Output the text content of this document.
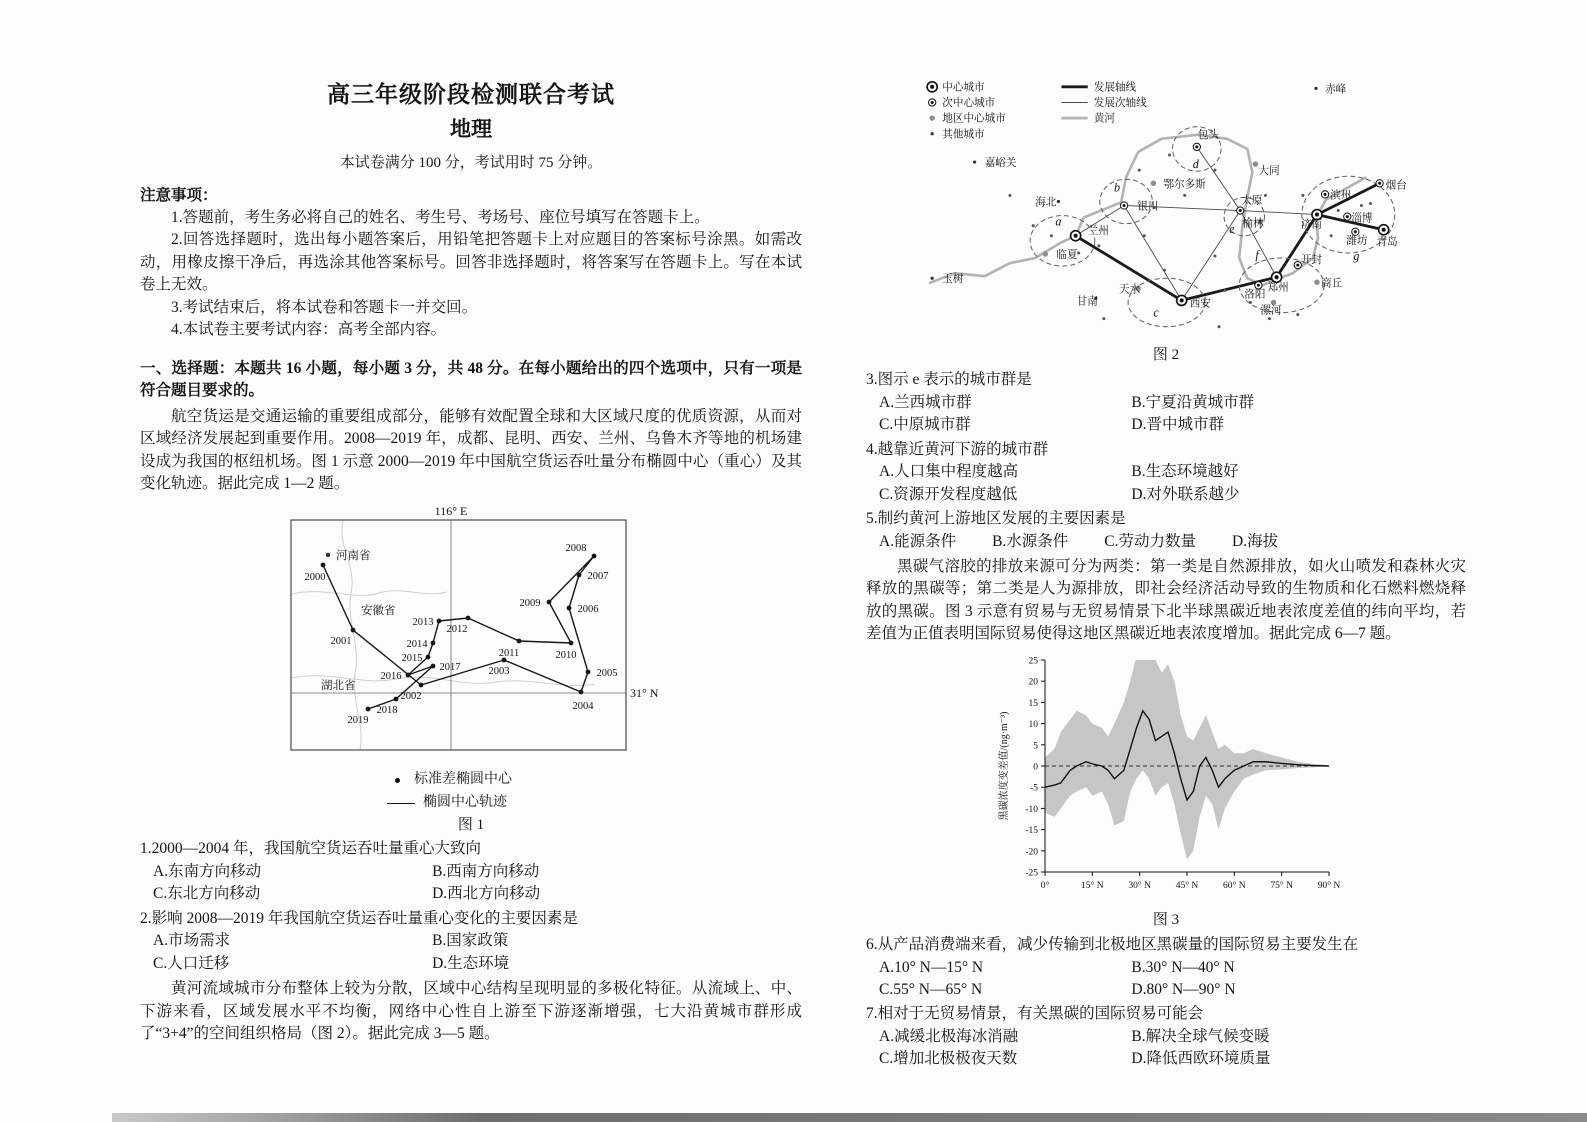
高三年级阶段检测联合考试
地理
本试卷满分 100 分，考试用时 75 分钟。
注意事项：

1.答题前，考生务必将自己的姓名、考生号、考场号、座位号填写在答题卡上。

2.回答选择题时，选出每小题答案后，用铅笔把答题卡上对应题目的答案标号涂黑。如需改动，用橡皮擦干净后，再选涂其他答案标号。回答非选择题时，将答案写在答题卡上。写在本试卷上无效。

3.考试结束后，将本试卷和答题卡一并交回。

4.本试卷主要考试内容：高考全部内容。

一、选择题：本题共 16 小题，每小题 3 分，共 48 分。在每小题给出的四个选项中，只有一项是符合题目要求的。

航空货运是交通运输的重要组成部分，能够有效配置全球和大区域尺度的优质资源，从而对区域经济发展起到重要作用。2008—2019 年，成都、昆明、西安、兰州、乌鲁木齐等地的机场建设成为我国的枢纽机场。图 1 示意 2000—2019 年中国航空货运吞吐量分布椭圆中心（重心）及其变化轨迹。据此完成 1—2 题。

116° E
31° N
河南省
安徽省
湖北省
2000
2001
2002
2003
2004
2005
2006
2007
2008
2009
2010
2011
2012
2013
2014
2015
2016
2017
2018
2019
标准差椭圆中心
椭圆中心轨迹
图 1
1.2000—2004 年，我国航空货运吞吐量重心大致向
A.东南方向移动	B.西南方向移动
C.东北方向移动	D.西北方向移动
2.影响 2008—2019 年我国航空货运吞吐量重心变化的主要因素是
A.市场需求	B.国家政策
C.人口迁移	D.生态环境

黄河流域城市分布整体上较为分散，区域中心结构呈现明显的多极化特征。从流域上、中、下游来看，区域发展水平不均衡，网络中心性自上游至下游逐渐增强，七大沿黄城市群形成了“3+4”的空间组织格局（图 2）。据此完成 3—5 题。

a
b
c
d
e
f	g
兰州
西安
郑州
济南
青岛
银川
太原
包头
洛阳
开封
商丘
漯河
滨州
烟台
淄博
潍坊
鄂尔多斯
大同
榆林
临夏
天水
赤峰
嘉峪关
海北
玉树
甘南
中心城市
次中心城市
地区中心城市
其他城市
发展轴线
发展次轴线
黄河
图 2
3.图示 e 表示的城市群是
A.兰西城市群	B.宁夏沿黄城市群
C.中原城市群	D.晋中城市群
4.越靠近黄河下游的城市群
A.人口集中程度越高	B.生态环境越好
C.资源开发程度越低	D.对外联系越少
5.制约黄河上游地区发展的主要因素是
A.能源条件 B.水源条件 C.劳动力数量 D.海拔

黑碳气溶胶的排放来源可分为两类：第一类是自然源排放，如火山喷发和森林火灾释放的黑碳等；第二类是人为源排放，即社会经济活动导致的生物质和化石燃料燃烧释放的黑碳。图 3 示意有贸易与无贸易情景下北半球黑碳近地表浓度差值的纬向平均，若差值为正值表明国际贸易使得这地区黑碳近地表浓度增加。据此完成 6—7 题。

-25
-20
-15
-10
-5
0
5
10
15
20
25
0°	15° N	30° N	45° N	60° N	75° N	90° N
黑碳浓度变差值/(ng·m⁻³)
图 3
6.从产品消费端来看，减少传输到北极地区黑碳量的国际贸易主要发生在
A.10° N—15° N	B.30° N—40° N
C.55° N—65° N	D.80° N—90° N
7.相对于无贸易情景，有关黑碳的国际贸易可能会
A.减缓北极海冰消融	B.解决全球气候变暖
C.增加北极极夜天数	D.降低西欧环境质量
